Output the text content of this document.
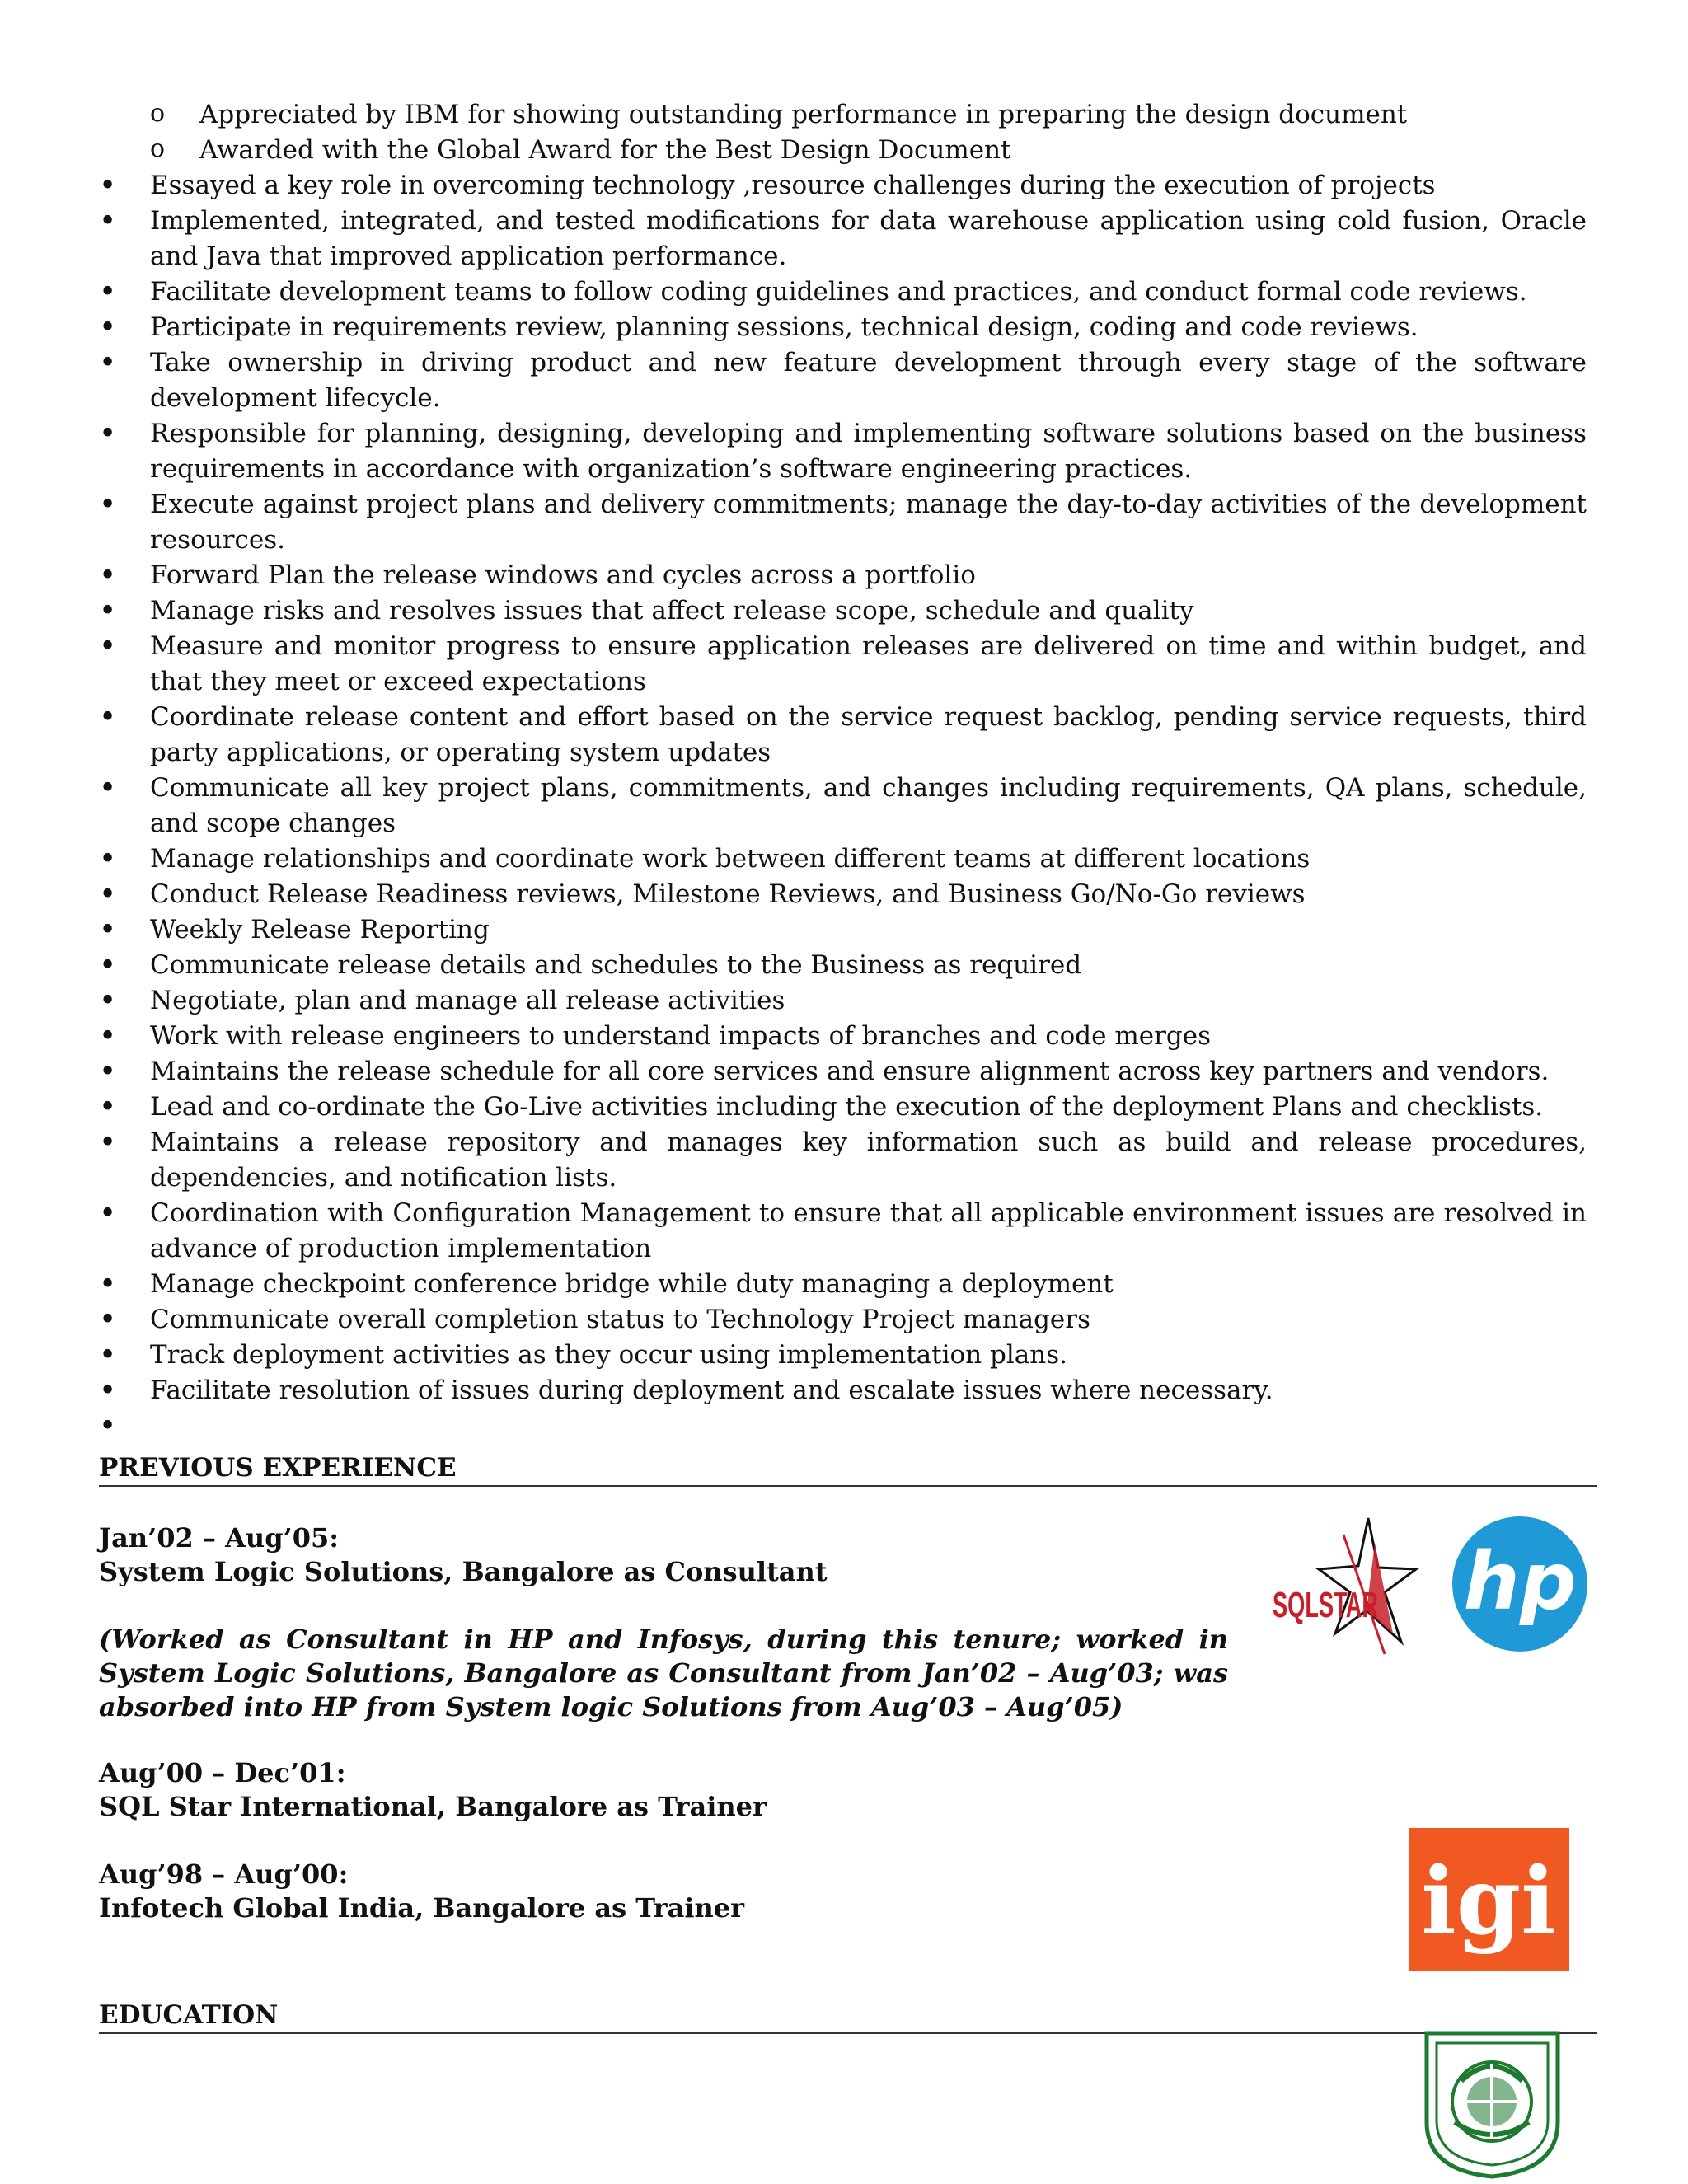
o Appreciated by IBM for showing outstanding performance in preparing the design document
o Awarded with the Global Award for the Best Design Document
• Essayed a key role in overcoming technology ,resource challenges during the execution of projects
• Implemented, integrated, and tested modifications for data warehouse application using cold fusion, Oracle and Java that improved application performance.
• Facilitate development teams to follow coding guidelines and practices, and conduct formal code reviews.
• Participate in requirements review, planning sessions, technical design, coding and code reviews.
• Take ownership in driving product and new feature development through every stage of the software development lifecycle.
• Responsible for planning, designing, developing and implementing software solutions based on the business requirements in accordance with organization’s software engineering practices.
• Execute against project plans and delivery commitments; manage the day-to-day activities of the development resources.
• Forward Plan the release windows and cycles across a portfolio
• Manage risks and resolves issues that affect release scope, schedule and quality
• Measure and monitor progress to ensure application releases are delivered on time and within budget, and that they meet or exceed expectations
• Coordinate release content and effort based on the service request backlog, pending service requests, third party applications, or operating system updates
• Communicate all key project plans, commitments, and changes including requirements, QA plans, schedule, and scope changes
• Manage relationships and coordinate work between different teams at different locations
• Conduct Release Readiness reviews, Milestone Reviews, and Business Go/No-Go reviews
• Weekly Release Reporting
• Communicate release details and schedules to the Business as required
• Negotiate, plan and manage all release activities
• Work with release engineers to understand impacts of branches and code merges
• Maintains the release schedule for all core services and ensure alignment across key partners and vendors.
• Lead and co-ordinate the Go-Live activities including the execution of the deployment Plans and checklists.
• Maintains a release repository and manages key information such as build and release procedures, dependencies, and notification lists.
• Coordination with Configuration Management to ensure that all applicable environment issues are resolved in advance of production implementation
• Manage checkpoint conference bridge while duty managing a deployment
• Communicate overall completion status to Technology Project managers
• Track deployment activities as they occur using implementation plans.
• Facilitate resolution of issues during deployment and escalate issues where necessary.
PREVIOUS EXPERIENCE
Jan’02 – Aug’05:
System Logic Solutions, Bangalore as Consultant
(Worked as Consultant in HP and Infosys, during this tenure; worked in System Logic Solutions, Bangalore as Consultant from Jan’02 – Aug’03; was absorbed into HP from System logic Solutions from Aug’03 – Aug’05)
Aug’00 – Dec’01:
SQL Star International, Bangalore as Trainer
Aug’98 – Aug’00:
Infotech Global India, Bangalore as Trainer
EDUCATION
SQLSTAR hp
igi
